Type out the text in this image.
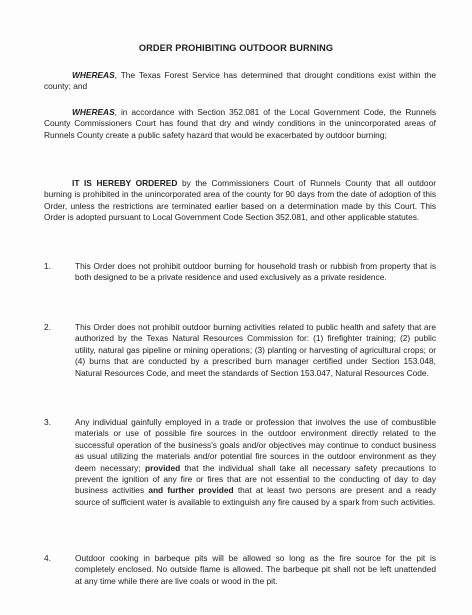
ORDER PROHIBITING OUTDOOR BURNING
WHEREAS, The Texas Forest Service has determined that drought conditions exist within the county; and
WHEREAS, in accordance with Section 352.081 of the Local Government Code, the Runnels County Commissioners Court has found that dry and windy conditions in the unincorporated areas of Runnels County create a public safety hazard that would be exacerbated by outdoor burning;
IT IS HEREBY ORDERED by the Commissioners Court of Runnels County that all outdoor burning is prohibited in the unincorporated area of the county for 90 days from the date of adoption of this Order, unless the restrictions are terminated earlier based on a determination made by this Court. This Order is adopted pursuant to Local Government Code Section 352.081, and other applicable statutes.
1.	This Order does not prohibit outdoor burning for household trash or rubbish from property that is both designed to be a private residence and used exclusively as a private residence.
2.	This Order does not prohibit outdoor burning activities related to public health and safety that are authorized by the Texas Natural Resources Commission for: (1) firefighter training; (2) public utility, natural gas pipeline or mining operations; (3) planting or harvesting of agricultural crops; or (4) burns that are conducted by a prescribed burn manager certified under Section 153.048, Natural Resources Code, and meet the standards of Section 153.047, Natural Resources Code.
3.	Any individual gainfully employed in a trade or profession that involves the use of combustible materials or use of possible fire sources in the outdoor environment directly related to the successful operation of the business's goals and/or objectives may continue to conduct business as usual utilizing the materials and/or potential fire sources in the outdoor environment as they deem necessary; provided that the individual shall take all necessary safety precautions to prevent the ignition of any fire or fires that are not essential to the conducting of day to day business activities and further provided that at least two persons are present and a ready source of sufficient water is available to extinguish any fire caused by a spark from such activities.
4.	Outdoor cooking in barbeque pits will be allowed so long as the fire source for the pit is completely enclosed. No outside flame is allowed. The barbeque pit shall not be left unattended at any time while there are live coals or wood in the pit.
